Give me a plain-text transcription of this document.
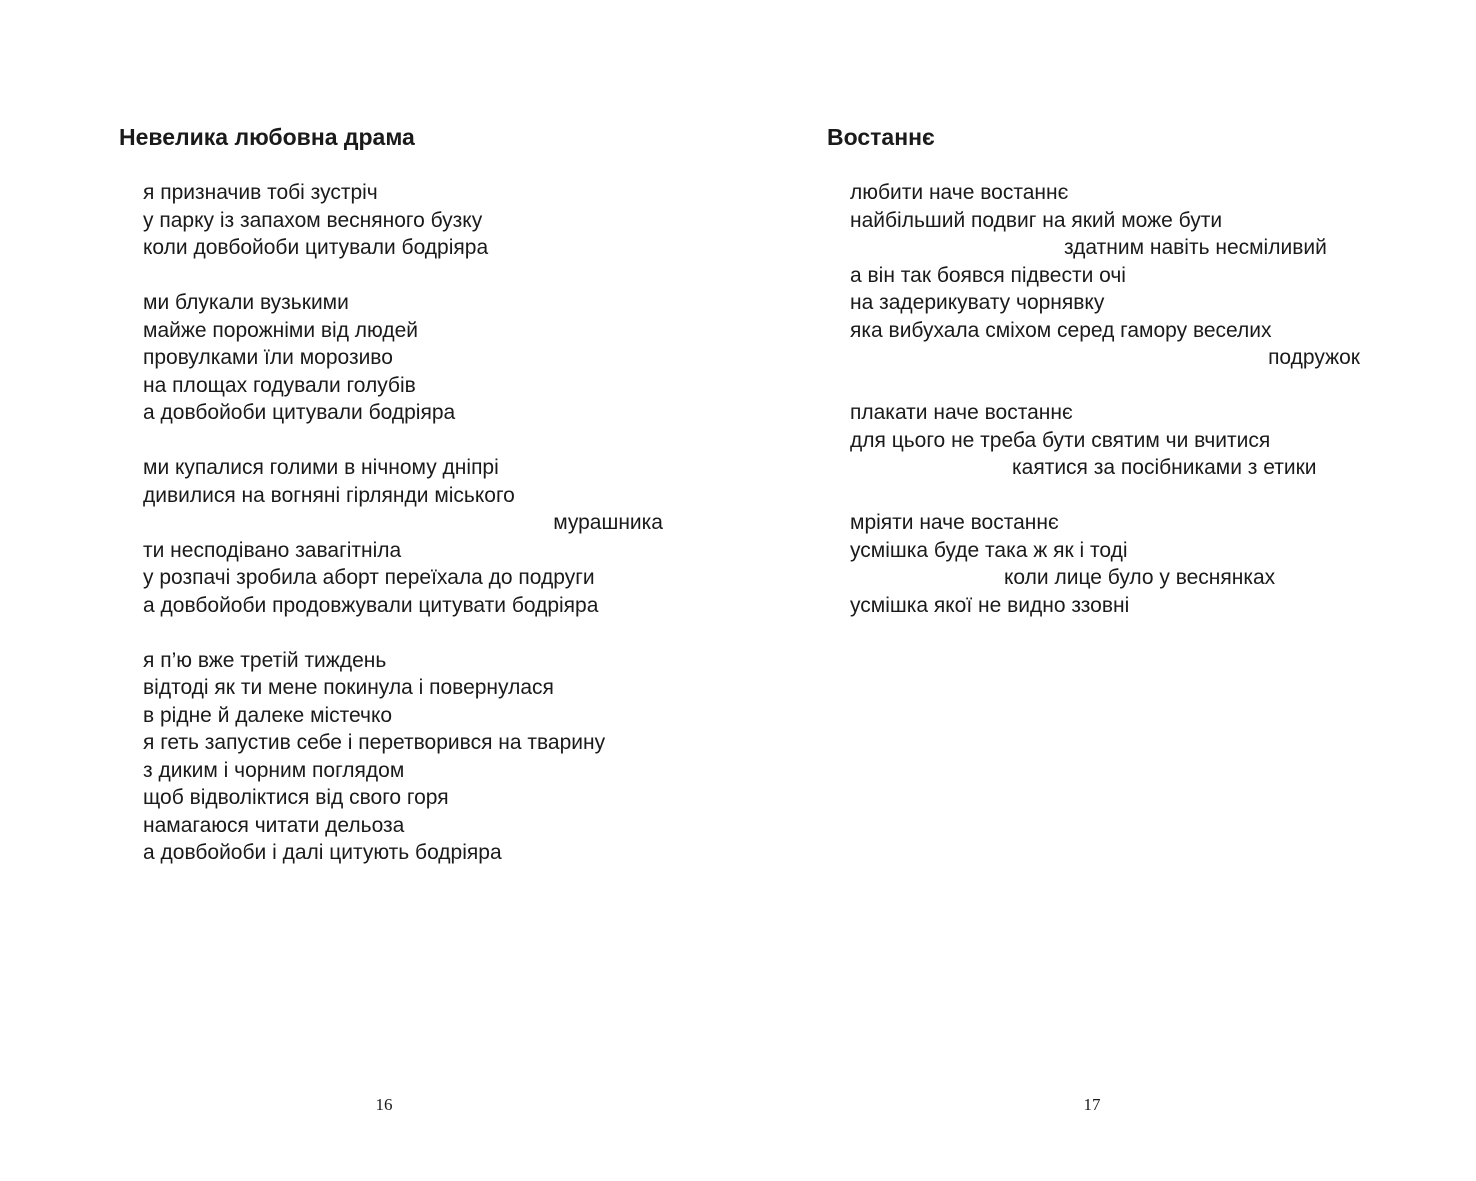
Невелика любовна драма
я призначив тобі зустріч
у парку із запахом весняного бузку
коли довбойоби цитували бодріяра
ми блукали вузькими
майже порожніми від людей
провулками їли морозиво
на площах годували голубів
а довбойоби цитували бодріяра
ми купалися голими в нічному дніпрі
дивилися на вогняні гірлянди міського
мурашника
ти несподівано завагітніла
у розпачі зробила аборт переїхала до подруги
а довбойоби продовжували цитувати бодріяра
я п’ю вже третій тиждень
відтоді як ти мене покинула і повернулася
в рідне й далеке містечко
я геть запустив себе і перетворився на тварину
з диким і чорним поглядом
щоб відволіктися від свого горя
намагаюся читати дельоза
а довбойоби і далі цитують бодріяра
16
Востаннє
любити наче востаннє
найбільший подвиг на який може бути
здатним навіть несміливий
а він так боявся підвести очі
на задерикувату чорнявку
яка вибухала сміхом серед гамору веселих
подружок
плакати наче востаннє
для цього не треба бути святим чи вчитися
каятися за посібниками з етики
мріяти наче востаннє
усмішка буде така ж як і тоді
коли лице було у веснянках
усмішка якої не видно ззовні
17
